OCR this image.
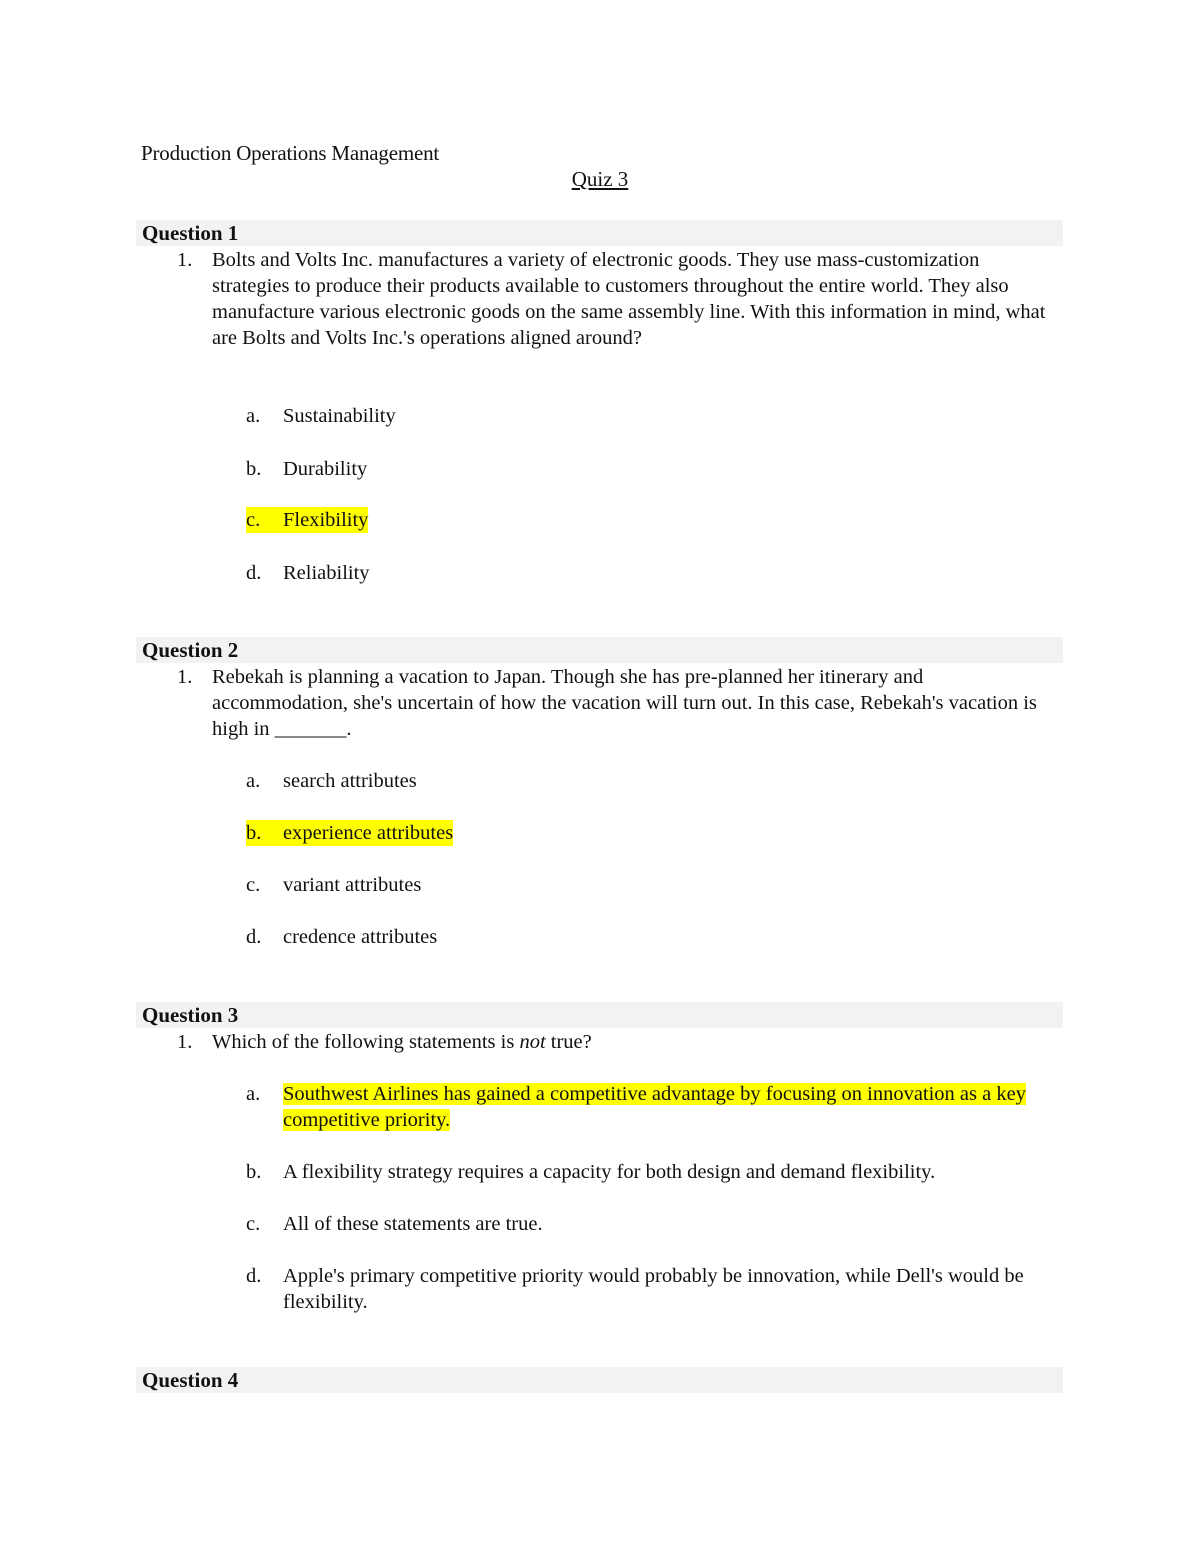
Production Operations Management
Quiz 3
Question 1
1. Bolts and Volts Inc. manufactures a variety of electronic goods. They use mass-customization strategies to produce their products available to customers throughout the entire world. They also manufacture various electronic goods on the same assembly line. With this information in mind, what are Bolts and Volts Inc.'s operations aligned around?
a. Sustainability
b. Durability
c. Flexibility
d. Reliability
Question 2
1. Rebekah is planning a vacation to Japan. Though she has pre-planned her itinerary and accommodation, she's uncertain of how the vacation will turn out. In this case, Rebekah's vacation is high in _______.
a. search attributes
b. experience attributes
c. variant attributes
d. credence attributes
Question 3
1. Which of the following statements is not true?
a. Southwest Airlines has gained a competitive advantage by focusing on innovation as a key competitive priority.
b. A flexibility strategy requires a capacity for both design and demand flexibility.
c. All of these statements are true.
d. Apple's primary competitive priority would probably be innovation, while Dell's would be flexibility.
Question 4
